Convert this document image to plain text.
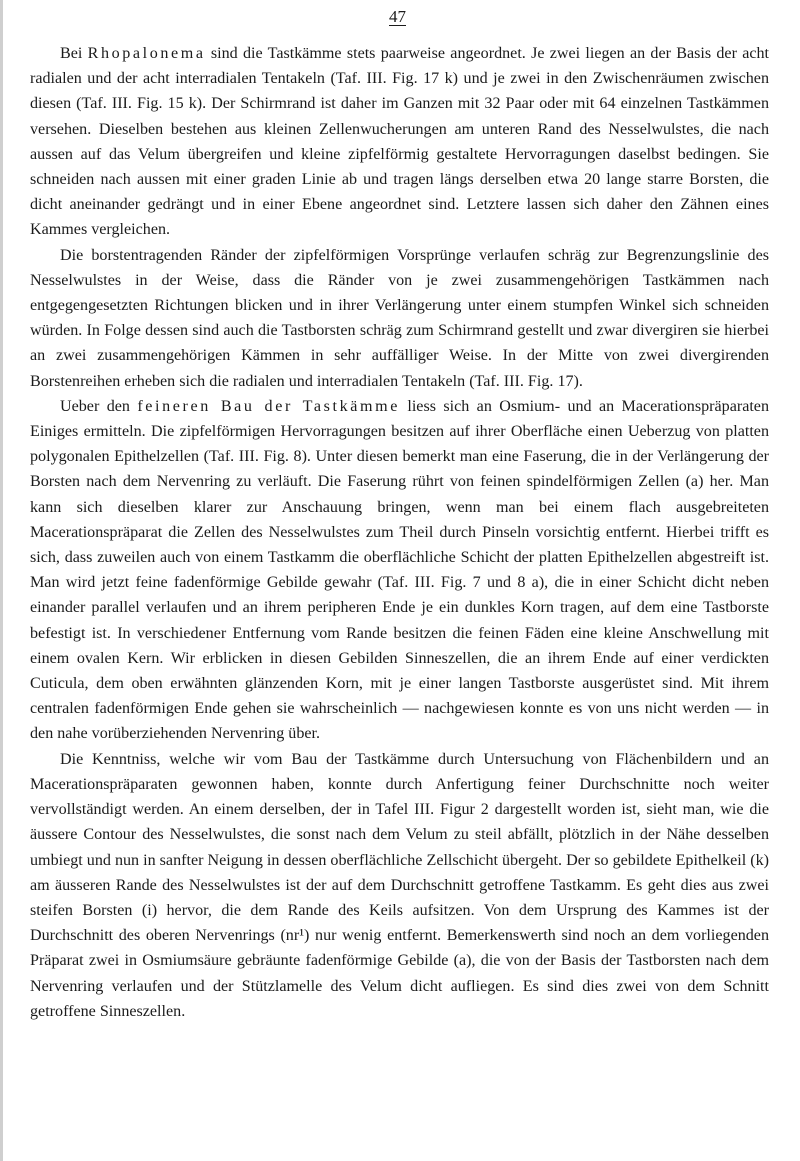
47

Bei Rhopalonema sind die Tastkämme stets paarweise angeordnet. Je zwei liegen an der Basis der acht radialen und der acht interradialen Tentakeln (Taf. III. Fig. 17 k) und je zwei in den Zwischenräumen zwischen diesen (Taf. III. Fig. 15 k). Der Schirmrand ist daher im Ganzen mit 32 Paar oder mit 64 einzelnen Tastkämmen versehen. Dieselben bestehen aus kleinen Zellenwucherungen am unteren Rand des Nesselwulstes, die nach aussen auf das Velum übergreifen und kleine zipfelförmig gestaltete Hervorragungen daselbst bedingen. Sie schneiden nach aussen mit einer graden Linie ab und tragen längs derselben etwa 20 lange starre Borsten, die dicht aneinander gedrängt und in einer Ebene angeordnet sind. Letztere lassen sich daher den Zähnen eines Kammes vergleichen.

Die borstentragenden Ränder der zipfelförmigen Vorsprünge verlaufen schräg zur Begrenzungslinie des Nesselwulstes in der Weise, dass die Ränder von je zwei zusammengehörigen Tastkämmen nach entgegengesetzten Richtungen blicken und in ihrer Verlängerung unter einem stumpfen Winkel sich schneiden würden. In Folge dessen sind auch die Tastborsten schräg zum Schirmrand gestellt und zwar divergiren sie hierbei an zwei zusammengehörigen Kämmen in sehr auffälliger Weise. In der Mitte von zwei divergirenden Borstenreihen erheben sich die radialen und interradialen Tentakeln (Taf. III. Fig. 17).

Ueber den feineren Bau der Tastkämme liess sich an Osmium- und an Macerationspräparaten Einiges ermitteln. Die zipfelförmigen Hervorragungen besitzen auf ihrer Oberfläche einen Ueberzug von platten polygonalen Epithelzellen (Taf. III. Fig. 8). Unter diesen bemerkt man eine Faserung, die in der Verlängerung der Borsten nach dem Nervenring zu verläuft. Die Faserung rührt von feinen spindelförmigen Zellen (a) her. Man kann sich dieselben klarer zur Anschauung bringen, wenn man bei einem flach ausgebreiteten Macerationspräparat die Zellen des Nesselwulstes zum Theil durch Pinseln vorsichtig entfernt. Hierbei trifft es sich, dass zuweilen auch von einem Tastkamm die oberflächliche Schicht der platten Epithelzellen abgestreift ist. Man wird jetzt feine fadenförmige Gebilde gewahr (Taf. III. Fig. 7 und 8 a), die in einer Schicht dicht neben einander parallel verlaufen und an ihrem peripheren Ende je ein dunkles Korn tragen, auf dem eine Tastborste befestigt ist. In verschiedener Entfernung vom Rande besitzen die feinen Fäden eine kleine Anschwellung mit einem ovalen Kern. Wir erblicken in diesen Gebilden Sinneszellen, die an ihrem Ende auf einer verdickten Cuticula, dem oben erwähnten glänzenden Korn, mit je einer langen Tastborste ausgerüstet sind. Mit ihrem centralen fadenförmigen Ende gehen sie wahrscheinlich — nachgewiesen konnte es von uns nicht werden — in den nahe vorüberziehenden Nervenring über.

Die Kenntniss, welche wir vom Bau der Tastkämme durch Untersuchung von Flächenbildern und an Macerationspräparaten gewonnen haben, konnte durch Anfertigung feiner Durchschnitte noch weiter vervollständigt werden. An einem derselben, der in Tafel III. Figur 2 dargestellt worden ist, sieht man, wie die äussere Contour des Nesselwulstes, die sonst nach dem Velum zu steil abfällt, plötzlich in der Nähe desselben umbiegt und nun in sanfter Neigung in dessen oberflächliche Zellschicht übergeht. Der so gebildete Epithelkeil (k) am äusseren Rande des Nesselwulstes ist der auf dem Durchschnitt getroffene Tastkamm. Es geht dies aus zwei steifen Borsten (i) hervor, die dem Rande des Keils aufsitzen. Von dem Ursprung des Kammes ist der Durchschnitt des oberen Nervenrings (nr¹) nur wenig entfernt. Bemerkenswerth sind noch an dem vorliegenden Präparat zwei in Osmiumsäure gebräunte fadenförmige Gebilde (a), die von der Basis der Tastborsten nach dem Nervenring verlaufen und der Stützlamelle des Velum dicht aufliegen. Es sind dies zwei von dem Schnitt getroffene Sinneszellen.
